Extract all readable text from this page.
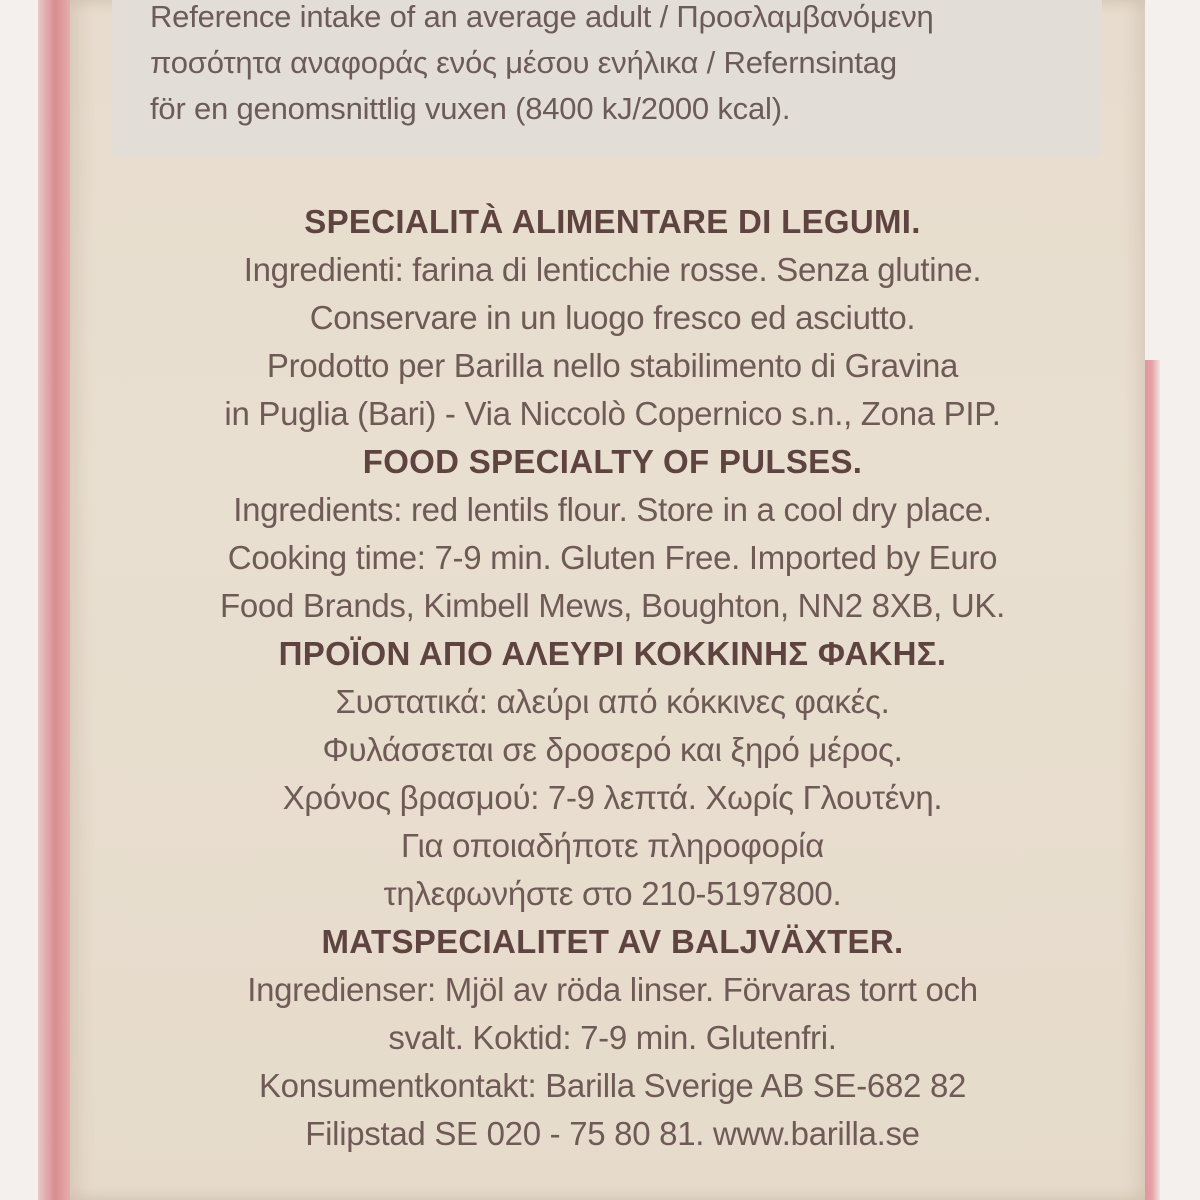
Reference intake of an average adult / Προσλαμβανόμενη
ποσότητα αναφοράς ενός μέσου ενήλικα / Refernsintag
för en genomsnittlig vuxen (8400 kJ/2000 kcal).
SPECIALITÀ ALIMENTARE DI LEGUMI.
Ingredienti: farina di lenticchie rosse. Senza glutine.
Conservare in un luogo fresco ed asciutto.
Prodotto per Barilla nello stabilimento di Gravina
in Puglia (Bari) - Via Niccolò Copernico s.n., Zona PIP.
FOOD SPECIALTY OF PULSES.
Ingredients: red lentils flour. Store in a cool dry place.
Cooking time: 7-9 min. Gluten Free. Imported by Euro
Food Brands, Kimbell Mews, Boughton, NN2 8XB, UK.
ΠΡΟΪΟΝ ΑΠΟ ΑΛΕΥΡΙ ΚΟΚΚΙΝΗΣ ΦΑΚΗΣ.
Συστατικά: αλεύρι από κόκκινες φακές.
Φυλάσσεται σε δροσερό και ξηρό μέρος.
Χρόνος βρασμού: 7-9 λεπτά. Χωρίς Γλουτένη.
Για οποιαδήποτε πληροφορία
τηλεφωνήστε στο 210-5197800.
MATSPECIALITET AV BALJVÄXTER.
Ingredienser: Mjöl av röda linser. Förvaras torrt och
svalt. Koktid: 7-9 min. Glutenfri.
Konsumentkontakt: Barilla Sverige AB SE-682 82
Filipstad SE 020 - 75 80 81. www.barilla.se
